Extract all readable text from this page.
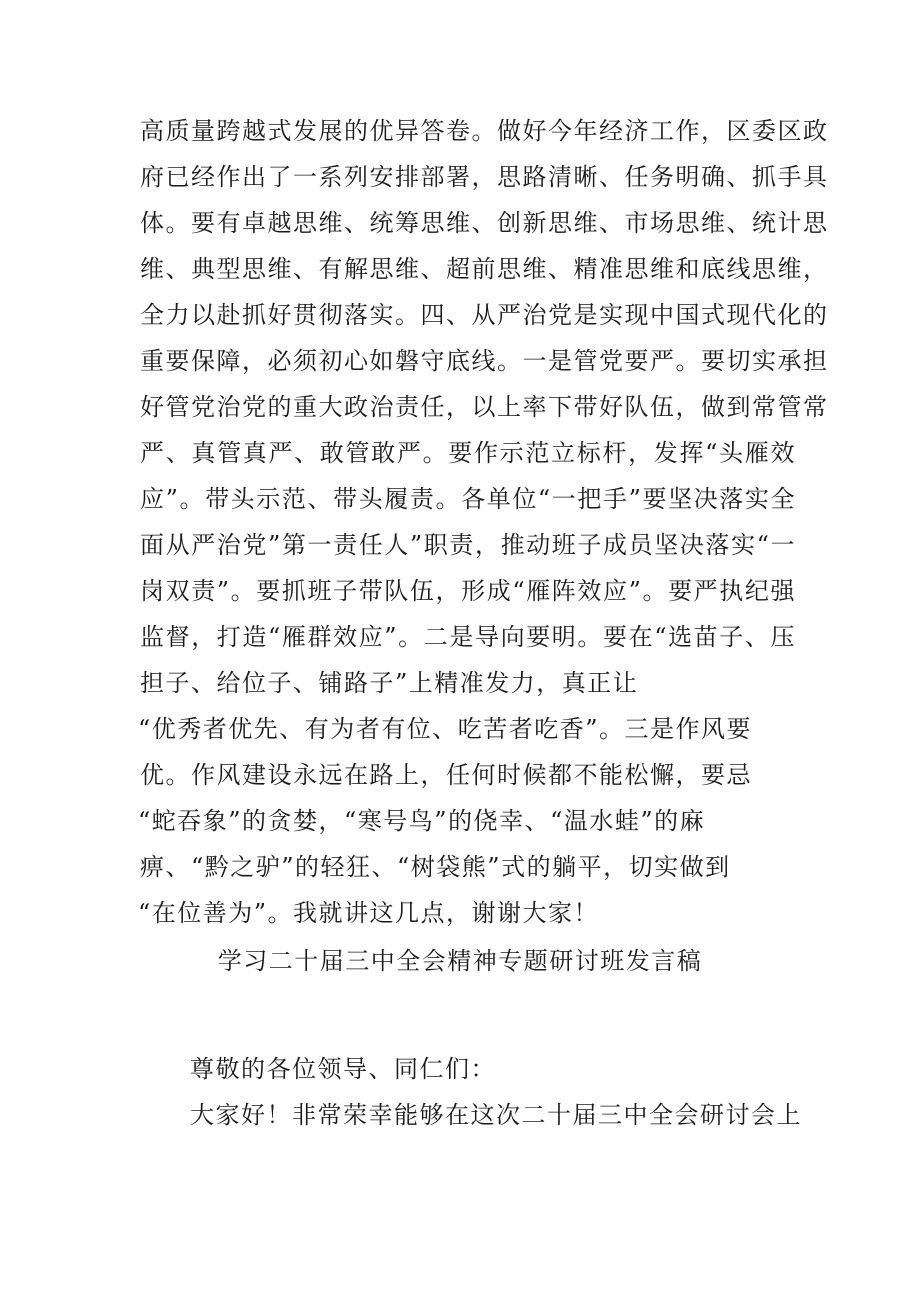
高质量跨越式发展的优异答卷。做好今年经济工作，区委区政
府已经作出了一系列安排部署，思路清晰、任务明确、抓手具
体。要有卓越思维、统筹思维、创新思维、市场思维、统计思
维、典型思维、有解思维、超前思维、精准思维和底线思维，
全力以赴抓好贯彻落实。四、从严治党是实现中国式现代化的
重要保障，必须初心如磐守底线。一是管党要严。要切实承担
好管党治党的重大政治责任，以上率下带好队伍，做到常管常
严、真管真严、敢管敢严。要作示范立标杆，发挥“头雁效
应”。带头示范、带头履责。各单位“一把手”要坚决落实全
面从严治党”第一责任人”职责，推动班子成员坚决落实“一
岗双责”。要抓班子带队伍，形成“雁阵效应”。要严执纪强
监督，打造“雁群效应”。二是导向要明。要在“选苗子、压
担子、给位子、铺路子”上精准发力，真正让
“优秀者优先、有为者有位、吃苦者吃香”。三是作风要
优。作风建设永远在路上，任何时候都不能松懈，要忌
“蛇吞象”的贪婪，“寒号鸟”的侥幸、“温水蛙”的麻
痹、“黔之驴”的轻狂、“树袋熊”式的躺平，切实做到
“在位善为”。我就讲这几点，谢谢大家！
学习二十届三中全会精神专题研讨班发言稿
尊敬的各位领导、同仁们：
大家好！非常荣幸能够在这次二十届三中全会研讨会上
